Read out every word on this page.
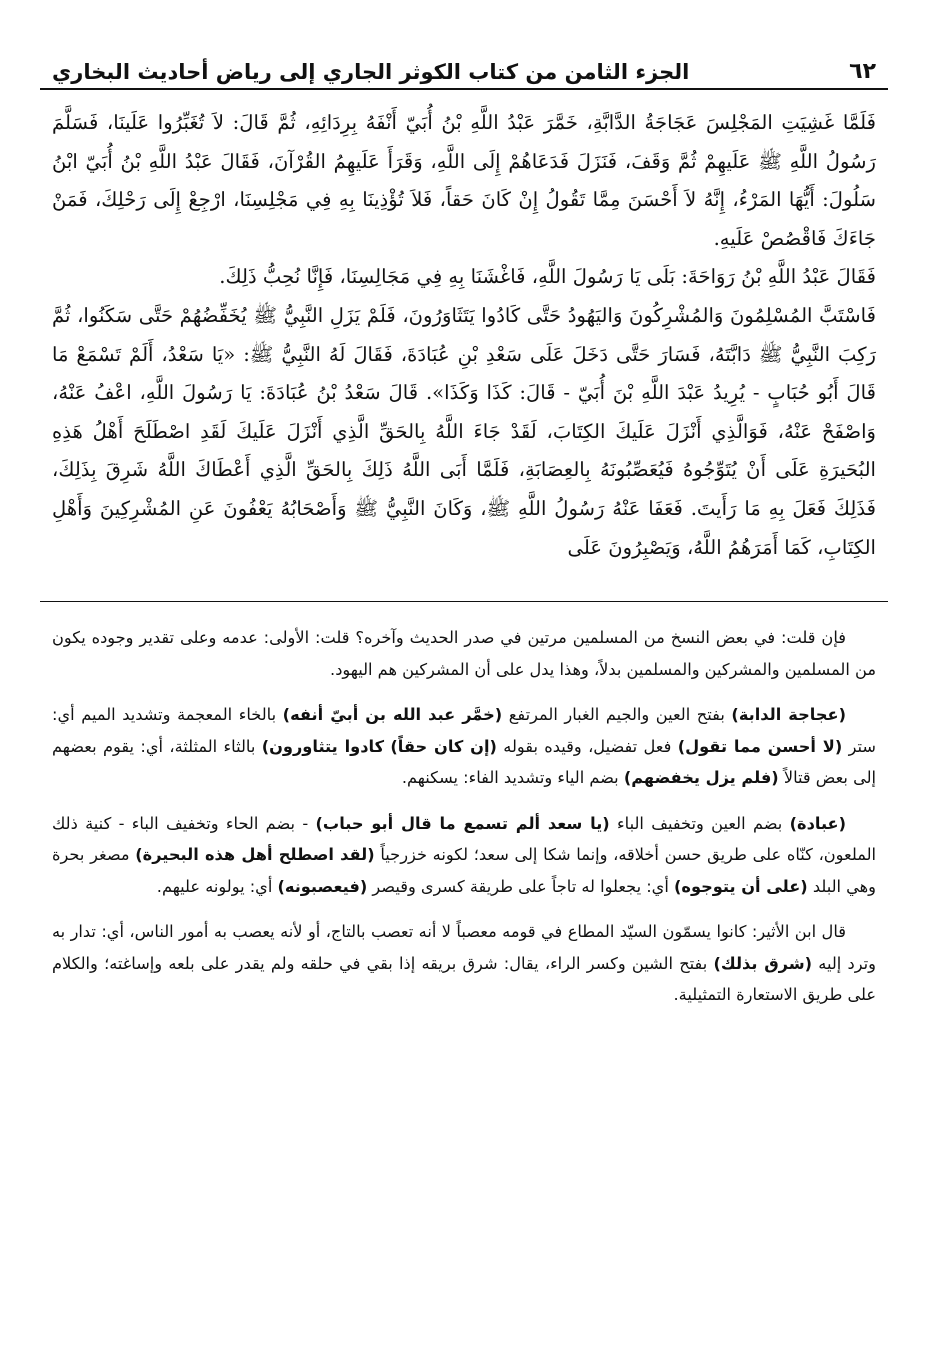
٦٢
الجزء الثامن من كتاب الكوثر الجاري إلى رياض أحاديث البخاري

فَلَمَّا غَشِيَتِ المَجْلِسَ عَجَاجَةُ الدَّابَّةِ، خَمَّرَ عَبْدُ اللَّهِ بْنُ أُبَيّ أَنْفَهُ بِرِدَائِهِ، ثُمَّ قَالَ: لاَ تُغَبِّرُوا عَلَينَا، فَسَلَّمَ رَسُولُ اللَّهِ ﷺ عَلَيهِمْ ثُمَّ وَقَفَ، فَنَزَلَ فَدَعَاهُمْ إِلَى اللَّهِ، وَقَرَأَ عَلَيهِمُ القُرْآنَ، فَقَالَ عَبْدُ اللَّهِ بْنُ أُبَيّ ابْنُ سَلُولَ: أَيُّهَا المَرْءُ، إِنَّهُ لاَ أَحْسَنَ مِمَّا تَقُولُ إِنْ كَانَ حَقاً، فَلاَ تُؤْذِينَا بِهِ فِي مَجْلِسِنَا، ارْجِعْ إِلَى رَحْلِكَ، فَمَنْ جَاءَكَ فَاقْصُصْ عَلَيهِ.

فَقَالَ عَبْدُ اللَّهِ بْنُ رَوَاحَةَ: بَلَى يَا رَسُولَ اللَّهِ، فَاغْشَنَا بِهِ فِي مَجَالِسِنَا، فَإِنَّا نُحِبُّ ذَلِكَ.

فَاسْتَبَّ المُسْلِمُونَ وَالمُشْرِكُونَ وَاليَهُودُ حَتَّى كَادُوا يَتَثَاوَرُونَ، فَلَمْ يَزَلِ النَّبِيُّ ﷺ يُخَفِّضُهُمْ حَتَّى سَكَنُوا، ثُمَّ رَكِبَ النَّبِيُّ ﷺ دَابَّتَهُ، فَسَارَ حَتَّى دَخَلَ عَلَى سَعْدِ بْنِ عُبَادَةَ، فَقَالَ لَهُ النَّبِيُّ ﷺ: «يَا سَعْدُ، أَلَمْ تَسْمَعْ مَا قَالَ أَبُو حُبَابٍ - يُرِيدُ عَبْدَ اللَّهِ بْنَ أُبَيّ - قَالَ: كَذَا وَكَذَا». قَالَ سَعْدُ بْنُ عُبَادَةَ: يَا رَسُولَ اللَّهِ، اعْفُ عَنْهُ، وَاصْفَحْ عَنْهُ، فَوَالَّذِي أَنْزَلَ عَلَيكَ الكِتَابَ، لَقَدْ جَاءَ اللَّهُ بِالحَقِّ الَّذِي أَنْزَلَ عَلَيكَ لَقَدِ اصْطَلَحَ أَهْلُ هَذِهِ البُحَيرَةِ عَلَى أَنْ يُتَوِّجُوهُ فَيُعَصِّبُونَهُ بِالعِصَابَةِ، فَلَمَّا أَبَى اللَّهُ ذَلِكَ بِالحَقِّ الَّذِي أَعْطَاكَ اللَّهُ شَرِقَ بِذَلِكَ، فَذَلِكَ فَعَلَ بِهِ مَا رَأَيتَ. فَعَفَا عَنْهُ رَسُولُ اللَّهِ ﷺ، وَكَانَ النَّبِيُّ ﷺ وَأَصْحَابُهُ يَعْفُونَ عَنِ المُشْرِكِينَ وَأَهْلِ الكِتَابِ، كَمَا أَمَرَهُمُ اللَّهُ، وَيَصْبِرُونَ عَلَى

فإن قلت: في بعض النسخ من المسلمين مرتين في صدر الحديث وآخره؟ قلت: الأولى: عدمه وعلى تقدير وجوده يكون من المسلمين والمشركين والمسلمين بدلاً، وهذا يدل على أن المشركين هم اليهود.

(عجاجة الدابة) بفتح العين والجيم الغبار المرتفع (خمَّر عبد الله بن أبيّ أنفه) بالخاء المعجمة وتشديد الميم أي: ستر (لا أحسن مما تقول) فعل تفضيل، وقيده بقوله (إن كان حقاً) كادوا يتثاورون) بالثاء المثلثة، أي: يقوم بعضهم إلى بعض قتالاً (فلم يزل يخفضهم) بضم الياء وتشديد الفاء: يسكنهم.

(عبادة) بضم العين وتخفيف الباء (يا سعد ألم تسمع ما قال أبو حباب) - بضم الحاء وتخفيف الباء - كنية ذلك الملعون، كنّاه على طريق حسن أخلاقه، وإنما شكا إلى سعد؛ لكونه خزرجياً (لقد اصطلح أهل هذه البحيرة) مصغر بحرة وهي البلد (على أن يتوجوه) أي: يجعلوا له تاجاً على طريقة كسرى وقيصر (فيعصبونه) أي: يولونه عليهم.

قال ابن الأثير: كانوا يسمّون السيّد المطاع في قومه معصباً لا أنه تعصب بالتاج، أو لأنه يعصب به أمور الناس، أي: تدار به وترد إليه (شرق بذلك) بفتح الشين وكسر الراء، يقال: شرق بريقه إذا بقي في حلقه ولم يقدر على بلعه وإساغته؛ والكلام على طريق الاستعارة التمثيلية.
